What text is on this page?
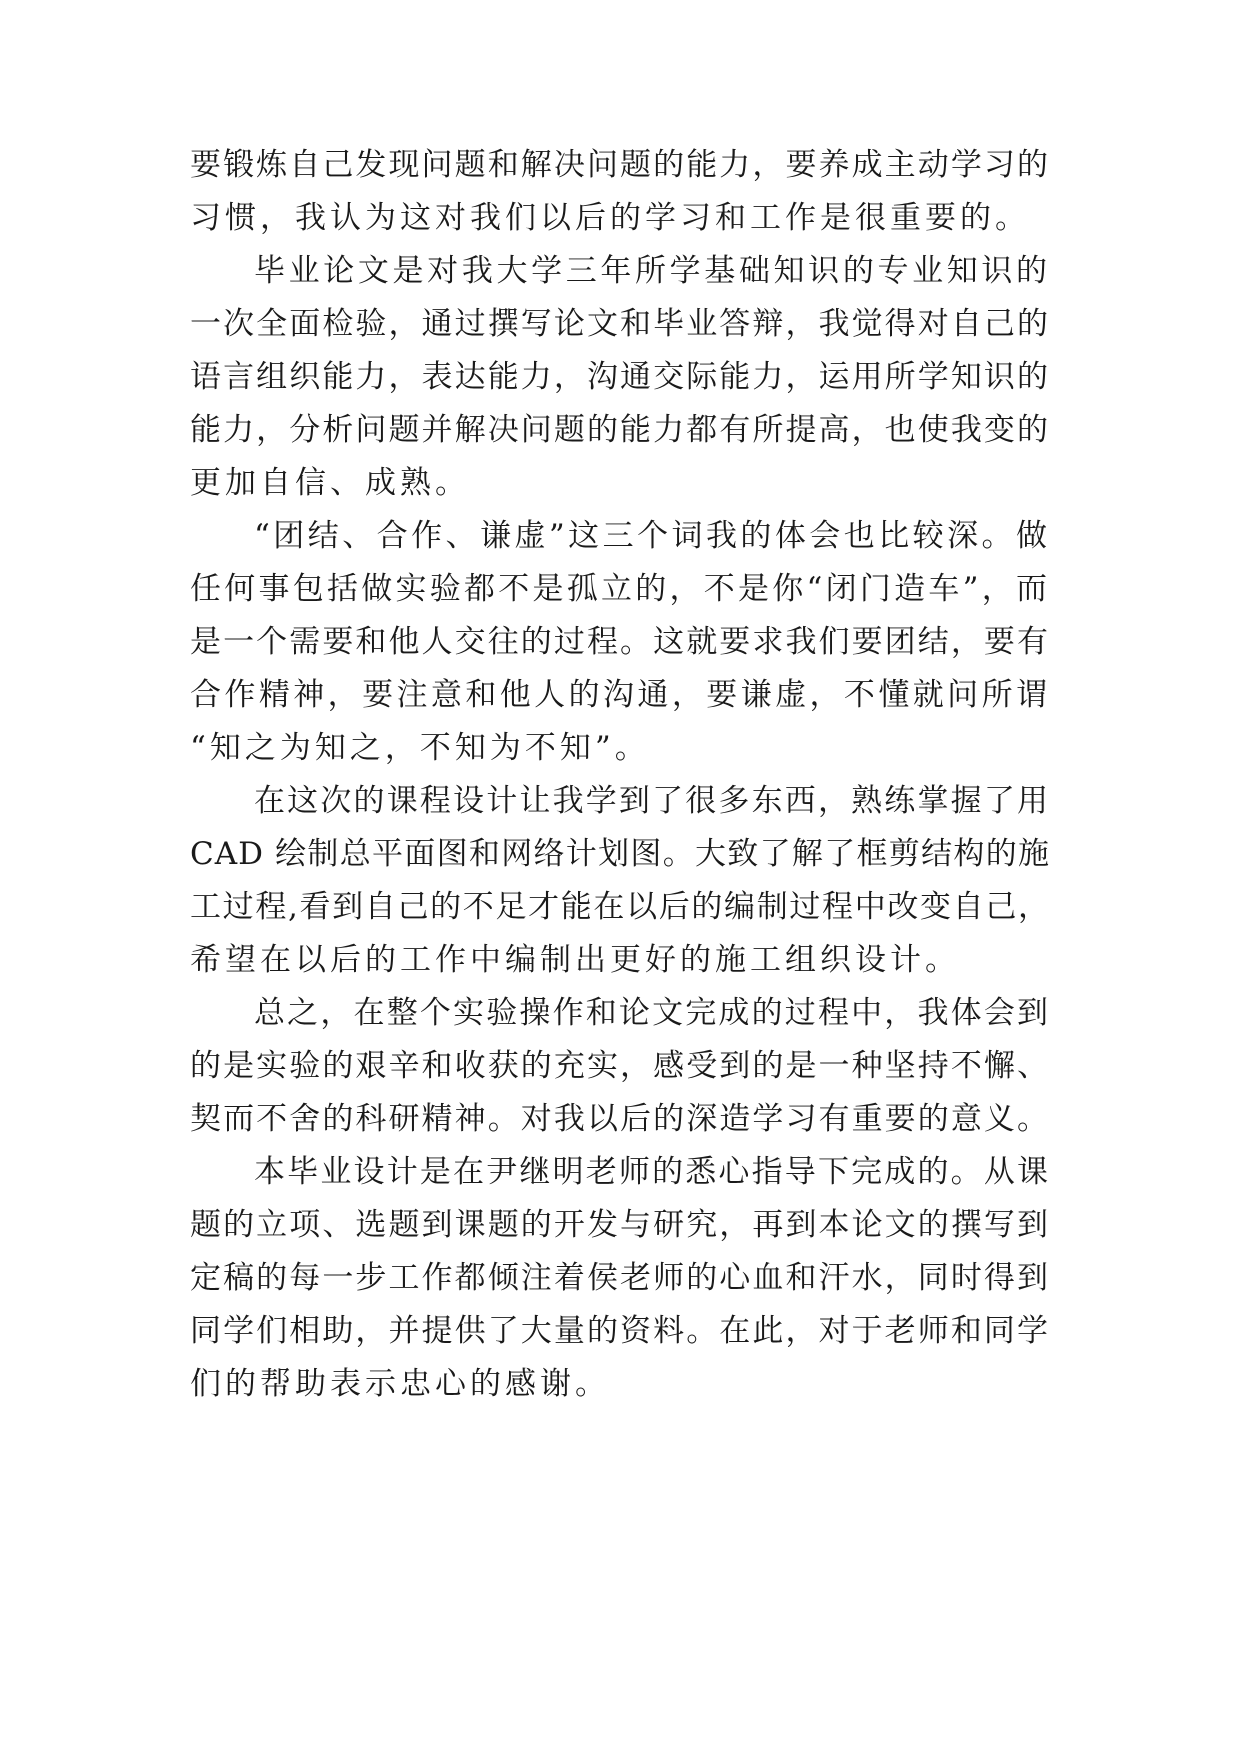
要锻炼自己发现问题和解决问题的能力，要养成主动学习的
习惯，我认为这对我们以后的学习和工作是很重要的。
毕业论文是对我大学三年所学基础知识的专业知识的
一次全面检验，通过撰写论文和毕业答辩，我觉得对自己的
语言组织能力，表达能力，沟通交际能力，运用所学知识的
能力，分析问题并解决问题的能力都有所提高，也使我变的
更加自信、成熟。
“团结、合作、谦虚”这三个词我的体会也比较深。做
任何事包括做实验都不是孤立的，不是你“闭门造车”，而
是一个需要和他人交往的过程。这就要求我们要团结，要有
合作精神，要注意和他人的沟通，要谦虚，不懂就问所谓
“知之为知之，不知为不知”。
在这次的课程设计让我学到了很多东西，熟练掌握了用
CAD 绘制总平面图和网络计划图。大致了解了框剪结构的施
工过程,看到自己的不足才能在以后的编制过程中改变自己，
希望在以后的工作中编制出更好的施工组织设计。
总之，在整个实验操作和论文完成的过程中，我体会到
的是实验的艰辛和收获的充实，感受到的是一种坚持不懈、
契而不舍的科研精神。对我以后的深造学习有重要的意义。
本毕业设计是在尹继明老师的悉心指导下完成的。从课
题的立项、选题到课题的开发与研究，再到本论文的撰写到
定稿的每一步工作都倾注着侯老师的心血和汗水，同时得到
同学们相助，并提供了大量的资料。在此，对于老师和同学
们的帮助表示忠心的感谢。
